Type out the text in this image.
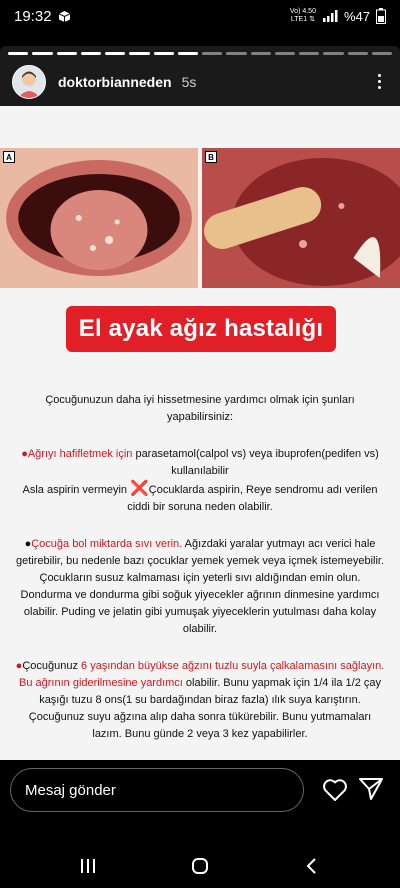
19:32	Vo) 4.50
LTE1 ⇅ %47
doktorbianneden 5s
A	B
El ayak ağız hastalığı

Çocuğunuzun daha iyi hissetmesine yardımcı olmak için şunları yapabilirsiniz:

●Ağrıyı hafifletmek için parasetamol(calpol vs) veya ibuprofen(pedifen vs) kullanılabilir
Asla aspirin vermeyin ❌Çocuklarda aspirin, Reye sendromu adı verilen ciddi bir soruna neden olabilir.

●Çocuğa bol miktarda sıvı verin. Ağızdaki yaralar yutmayı acı verici hale getirebilir, bu nedenle bazı çocuklar yemek yemek veya içmek istemeyebilir. Çocukların susuz kalmaması için yeterli sıvı aldığından emin olun. Dondurma ve dondurma gibi soğuk yiyecekler ağrının dinmesine yardımcı olabilir. Puding ve jelatin gibi yumuşak yiyeceklerin yutulması daha kolay olabilir.

●Çocuğunuz 6 yaşından büyükse ağzını tuzlu suyla çalkalamasını sağlayın. Bu ağrının giderilmesine yardımcı olabilir. Bunu yapmak için 1/4 ila 1/2 çay kaşığı tuzu 8 ons(1 su bardağından biraz fazla) ılık suya karıştırın. Çocuğunuz suyu ağzına alıp daha sonra tükürebilir. Bunu yutmamaları lazım. Bunu günde 2 veya 3 kez yapabilirler.

Mesaj gönder
